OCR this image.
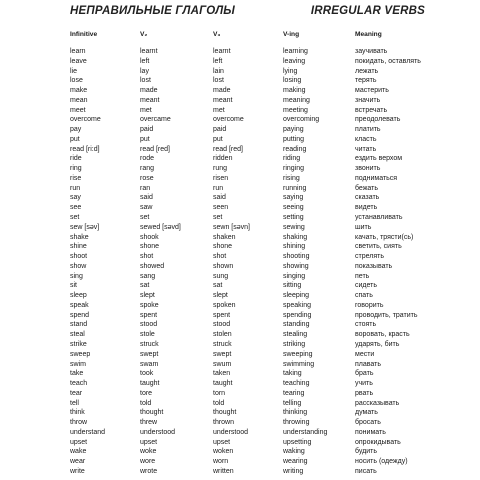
НЕПРАВИЛЬНЫЕ ГЛАГОЛЫ	IRREGULAR VERBS
Infinitive	V₂	V₃	V-ing	Meaning
learn	learnt	learnt	learning	заучивать
leave	left	left	leaving	покидать, оставлять
lie	lay	lain	lying	лежать
lose	lost	lost	losing	терять
make	made	made	making	мастерить
mean	meant	meant	meaning	значить
meet	met	met	meeting	встречать
overcome	overcame	overcome	overcoming	преодолевать
pay	paid	paid	paying	платить
put	put	put	putting	класть
read [ri:d]	read [red]	read [red]	reading	читать
ride	rode	ridden	riding	ездить верхом
ring	rang	rung	ringing	звонить
rise	rose	risen	rising	подниматься
run	ran	run	running	бежать
say	said	said	saying	сказать
see	saw	seen	seeing	видеть
set	set	set	setting	устанавливать
sew [sәv]	sewed [sәvd]	sewn [sәvn]	sewing	шить
shake	shook	shaken	shaking	качать, трясти(сь)
shine	shone	shone	shining	светить, сиять
shoot	shot	shot	shooting	стрелять
show	showed	shown	showing	показывать
sing	sang	sung	singing	петь
sit	sat	sat	sitting	сидеть
sleep	slept	slept	sleeping	спать
speak	spoke	spoken	speaking	говорить
spend	spent	spent	spending	проводить, тратить
stand	stood	stood	standing	стоять
steal	stole	stolen	stealing	воровать, красть
strike	struck	struck	striking	ударять, бить
sweep	swept	swept	sweeping	мести
swim	swam	swum	swimming	плавать
take	took	taken	taking	брать
teach	taught	taught	teaching	учить
tear	tore	torn	tearing	рвать
tell	told	told	telling	рассказывать
think	thought	thought	thinking	думать
throw	threw	thrown	throwing	бросать
understand	understood	understood	understanding	понимать
upset	upset	upset	upsetting	опрокидывать
wake	woke	woken	waking	будить
wear	wore	worn	wearing	носить (одежду)
write	wrote	written	writing	писать
